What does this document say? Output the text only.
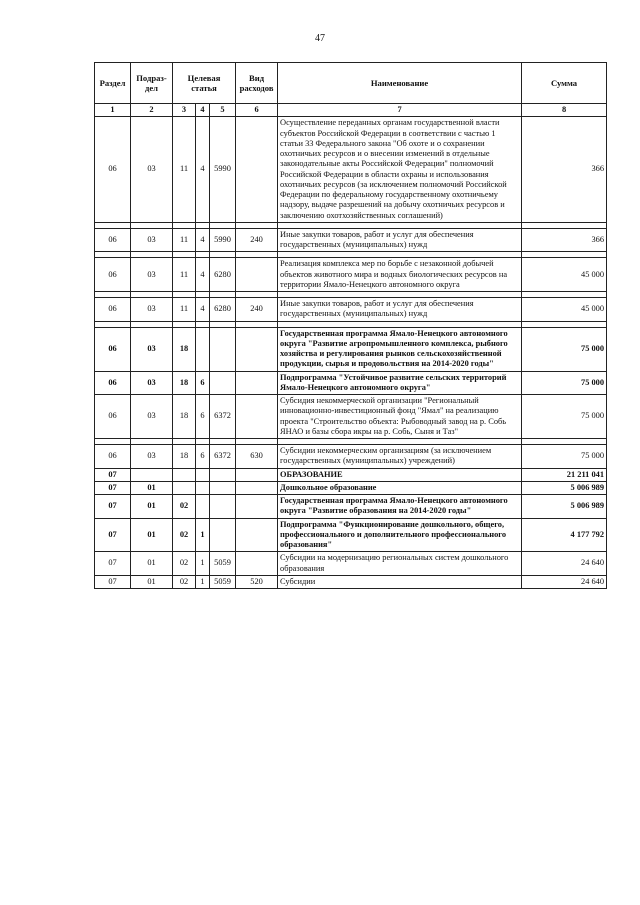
47
Раздел	Подраз-дел	Целевая статья			Вид расходов	Наименование	Сумма
1	2	3	4	5	6	7	8
06	03	11	4	5990		Осуществление переданных органам государственной власти субъектов Российской Федерации в соответствии с частью 1 статьи 33 Федерального закона "Об охоте и о сохранении охотничьих ресурсов и о внесении изменений в отдельные законодательные акты Российской Федерации" полномочий Российской Федерации в области охраны и использования охотничьих ресурсов (за исключением полномочий Российской Федерации по федеральному государственному охотничьему надзору, выдаче разрешений на добычу охотничьих ресурсов и заключению охотхозяйственных соглашений)	366

06	03	11	4	5990	240	Иные закупки товаров, работ и услуг для обеспечения государственных (муниципальных) нужд	366

06	03	11	4	6280		Реализация комплекса мер по борьбе с незаконной добычей объектов животного мира и водных биологических ресурсов на территории Ямало-Ненецкого автономного округа	45 000

06	03	11	4	6280	240	Иные закупки товаров, работ и услуг для обеспечения государственных (муниципальных) нужд	45 000

06	03	18				Государственная программа Ямало-Ненецкого автономного округа "Развитие агропромышленного комплекса, рыбного хозяйства и регулирования рынков сельскохозяйственной продукции, сырья и продовольствия на 2014-2020 годы"	75 000
06	03	18	6			Подпрограмма "Устойчивое развитие сельских территорий Ямало-Ненецкого автономного округа"	75 000
06	03	18	6	6372		Субсидия некоммерческой организации "Региональный инновационно-инвестиционный фонд "Ямал" на реализацию проекта "Строительство объекта: Рыбоводный завод на р. Собь ЯНАО и базы сбора икры на р. Собь, Сыня и Таз"	75 000

06	03	18	6	6372	630	Субсидии некоммерческим организациям (за исключением государственных (муниципальных) учреждений)	75 000
07						ОБРАЗОВАНИЕ	21 211 041
07	01					Дошкольное образование	5 006 989
07	01	02				Государственная программа Ямало-Ненецкого автономного округа "Развитие образования на 2014-2020 годы"	5 006 989
07	01	02	1			Подпрограмма "Функционирование дошкольного, общего, профессионального и дополнительного профессионального образования"	4 177 792
07	01	02	1	5059		Субсидии на модернизацию региональных систем дошкольного образования	24 640
07	01	02	1	5059	520	Субсидии	24 640
